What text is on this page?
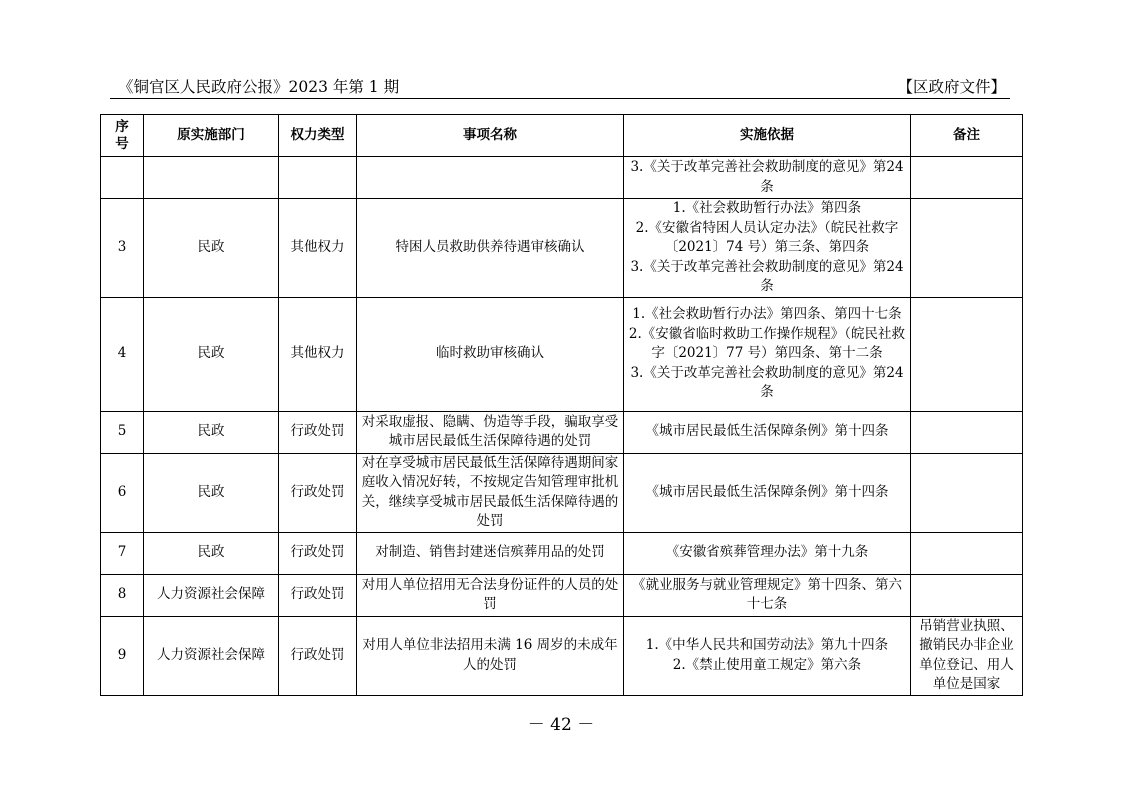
《铜官区人民政府公报》2023 年第 1 期	【区政府文件】
序
号	原实施部门	权力类型	事项名称	实施依据	备注

				3.《关于改革完善社会救助制度的意见》第24条	

3	民政	其他权力	特困人员救助供养待遇审核确认	1.《社会救助暂行办法》第四条
2.《安徽省特困人员认定办法》（皖民社救字〔2021〕74 号）第三条、第四条
3.《关于改革完善社会救助制度的意见》第24条	

4	民政	其他权力	临时救助审核确认	1.《社会救助暂行办法》第四条、第四十七条
2.《安徽省临时救助工作操作规程》（皖民社救字〔2021〕77 号）第四条、第十二条
3.《关于改革完善社会救助制度的意见》第24条	

5	民政	行政处罚	对采取虚报、隐瞒、伪造等手段，骗取享受城市居民最低生活保障待遇的处罚	《城市居民最低生活保障条例》第十四条	

6	民政	行政处罚	对在享受城市居民最低生活保障待遇期间家庭收入情况好转，不按规定告知管理审批机关，继续享受城市居民最低生活保障待遇的处罚	《城市居民最低生活保障条例》第十四条	

7	民政	行政处罚	对制造、销售封建迷信殡葬用品的处罚	《安徽省殡葬管理办法》第十九条	

8	人力资源社会保障	行政处罚	对用人单位招用无合法身份证件的人员的处罚	《就业服务与就业管理规定》第十四条、第六十七条	

9	人力资源社会保障	行政处罚	对用人单位非法招用未满 16 周岁的未成年人的处罚	1.《中华人民共和国劳动法》第九十四条
2.《禁止使用童工规定》第六条	吊销营业执照、撤销民办非企业单位登记、用人单位是国家
－ 42 －
